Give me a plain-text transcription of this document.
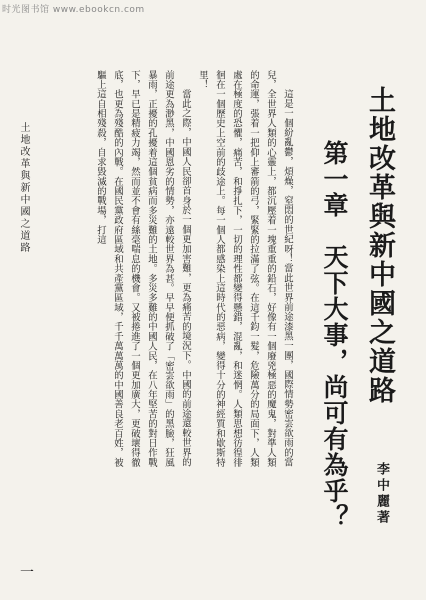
时光图书馆 www.ebookcn.com
土地改革與新中國之道路
第一章　天下大事，尚可有為乎？ 李中麗著

這是一個紛亂鬱，煩燥，窒悶的世紀呀！當此世界前途漆黑一團，國際情勢密雲欲雨的當兒，全世界人類的心靈上，都沉壓着一塊重重的鉛石，好像有一個廢兇極惡的魔鬼，對準人類的命運，張着一把仰上審箭的弓，緊緊的拉滿了弦。在這千鈞一髮，危險萬分的局面下，人類處在極度的恐懼，痛苦，和掙扎下，一切的理性都變得懸錯，混亂，和迷惘。人類思想彷徨徘徊在一個歷史上空前的歧途上。每一個人都感染上這時代的惡病，變得十分的神經質和歇斯特里！

當此之際，中國人民卻首身於一個更加害難，更為痛苦的境況下。中國的前途還較世界的前途更為渺黑，中國恩劣的情勢，亦遠較世界為甚。早早便抓破了「密雲欲雨」的黑臉，狂風暴雨，正擾的孔擾着這個貧病而多災難的土地。多災多難的中國人民，在八年堅苦的對日作戰下，早已是精疲力竭，然而並不會有絲毫喘息的機會。又被捲進了一個更加廣大，更破壞得徹底，也更為殘酷的內戰。在國民黨政府區域和共產黨區域，千千萬萬萬的中國善良老百姓，被驅上這自相殘殺，自求毀滅的戰場，打這

土地改革與新中國之道路
一
